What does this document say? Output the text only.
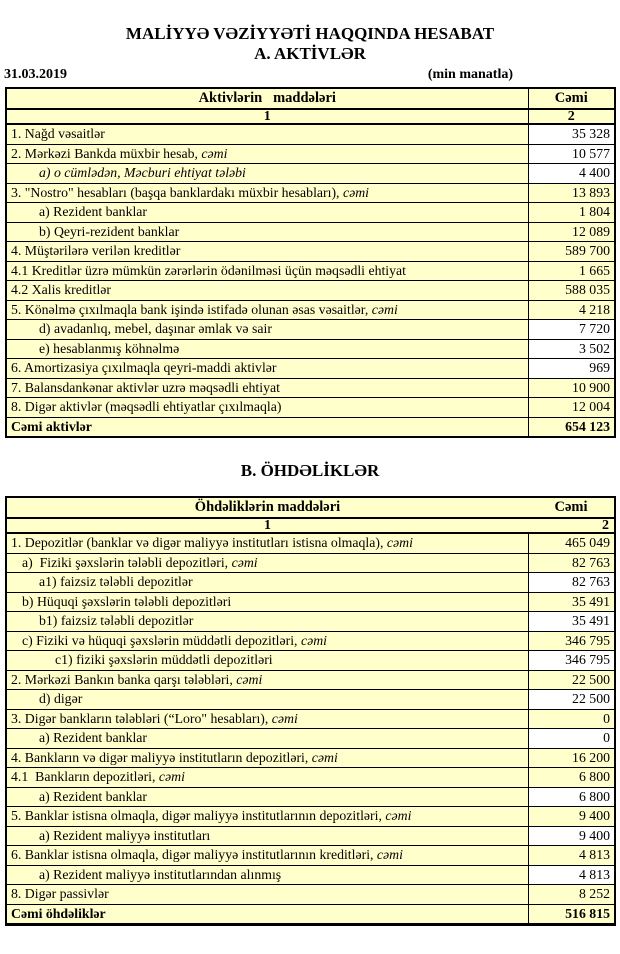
MALİYYƏ VƏZİYYƏTİ HAQQINDA HESABAT
A. AKTİVLƏR
31.03.2019	(min manatla)
Aktivlərin   maddələri	Cəmi
1	2
1. Nağd vəsaitlər	35 328
2. Mərkəzi Bankda müxbir hesab, cəmi	10 577
a) o cümlədən, Məcburi ehtiyat tələbi	4 400
3. "Nostro" hesabları (başqa banklardakı müxbir hesabları), cəmi	13 893
a) Rezident banklar	1 804
b) Qeyri-rezident banklar	12 089
4. Müştərilərə verilən kreditlər	589 700
4.1 Kreditlər üzrə mümkün zərərlərin ödənilməsi üçün məqsədli ehtiyat	1 665
4.2 Xalis kreditlər	588 035
5. Könəlmə çıxılmaqla bank işində istifadə olunan əsas vəsaitlər, cəmi	4 218
d) avadanlıq, mebel, daşınar əmlak və sair	7 720
e) hesablanmış köhnəlmə	3 502
6. Amortizasiya çıxılmaqla qeyri-maddi aktivlər	969
7. Balansdankənar aktivlər uzrə məqsədli ehtiyat	10 900
8. Digər aktivlər (məqsədli ehtiyatlar çıxılmaqla)	12 004
Cəmi aktivlər	654 123
B. ÖHDƏLİKLƏR
Öhdəliklərin maddələri	Cəmi
1	2
1. Depozitlər (banklar və digər maliyyə institutları istisna olmaqla), cəmi	465 049
a)  Fiziki şəxslərin tələbli depozitləri, cəmi	82 763
a1) faizsiz tələbli depozitlər	82 763
b) Hüquqi şəxslərin tələbli depozitləri	35 491
b1) faizsiz tələbli depozitlər	35 491
c) Fiziki və hüquqi şəxslərin müddətli depozitləri, cəmi	346 795
c1) fiziki şəxslərin müddətli depozitləri	346 795
2. Mərkəzi Bankın banka qarşı tələbləri, cəmi	22 500
d) digər	22 500
3. Digər bankların tələbləri (“Loro" hesabları), cəmi	0
a) Rezident banklar	0
4. Bankların və digər maliyyə institutların depozitləri, cəmi	16 200
4.1  Bankların depozitləri, cəmi	6 800
a) Rezident banklar	6 800
5. Banklar istisna olmaqla, digər maliyyə institutlarının depozitləri, cəmi	9 400
a) Rezident maliyyə institutları	9 400
6. Banklar istisna olmaqla, digər maliyyə institutlarının kreditləri, cəmi	4 813
a) Rezident maliyyə institutlarından alınmış	4 813
8. Digər passivlər	8 252
Cəmi öhdəliklər	516 815
